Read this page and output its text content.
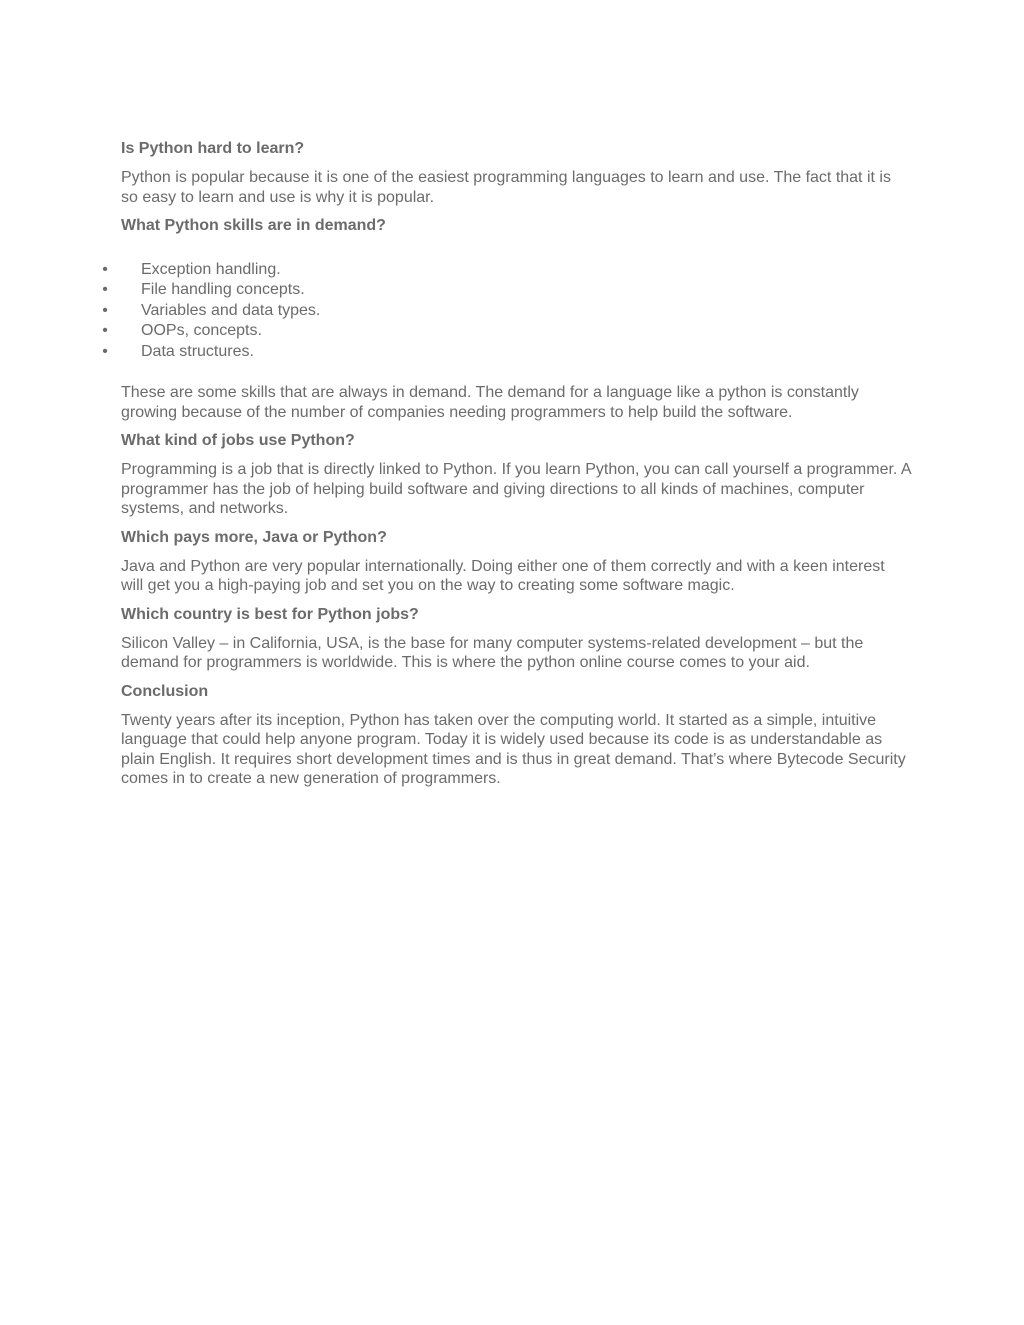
Is Python hard to learn?
Python is popular because it is one of the easiest programming languages to learn and use. The fact that it is so easy to learn and use is why it is popular.
What Python skills are in demand?
• Exception handling.
• File handling concepts.
• Variables and data types.
• OOPs, concepts.
• Data structures.
These are some skills that are always in demand. The demand for a language like a python is constantly growing because of the number of companies needing programmers to help build the software.
What kind of jobs use Python?
Programming is a job that is directly linked to Python. If you learn Python, you can call yourself a programmer. A programmer has the job of helping build software and giving directions to all kinds of machines, computer systems, and networks.
Which pays more, Java or Python?
Java and Python are very popular internationally. Doing either one of them correctly and with a keen interest will get you a high-paying job and set you on the way to creating some software magic.
Which country is best for Python jobs?
Silicon Valley – in California, USA, is the base for many computer systems-related development – but the demand for programmers is worldwide. This is where the python online course comes to your aid.
Conclusion
Twenty years after its inception, Python has taken over the computing world. It started as a simple, intuitive language that could help anyone program. Today it is widely used because its code is as understandable as plain English. It requires short development times and is thus in great demand. That’s where Bytecode Security comes in to create a new generation of programmers.
